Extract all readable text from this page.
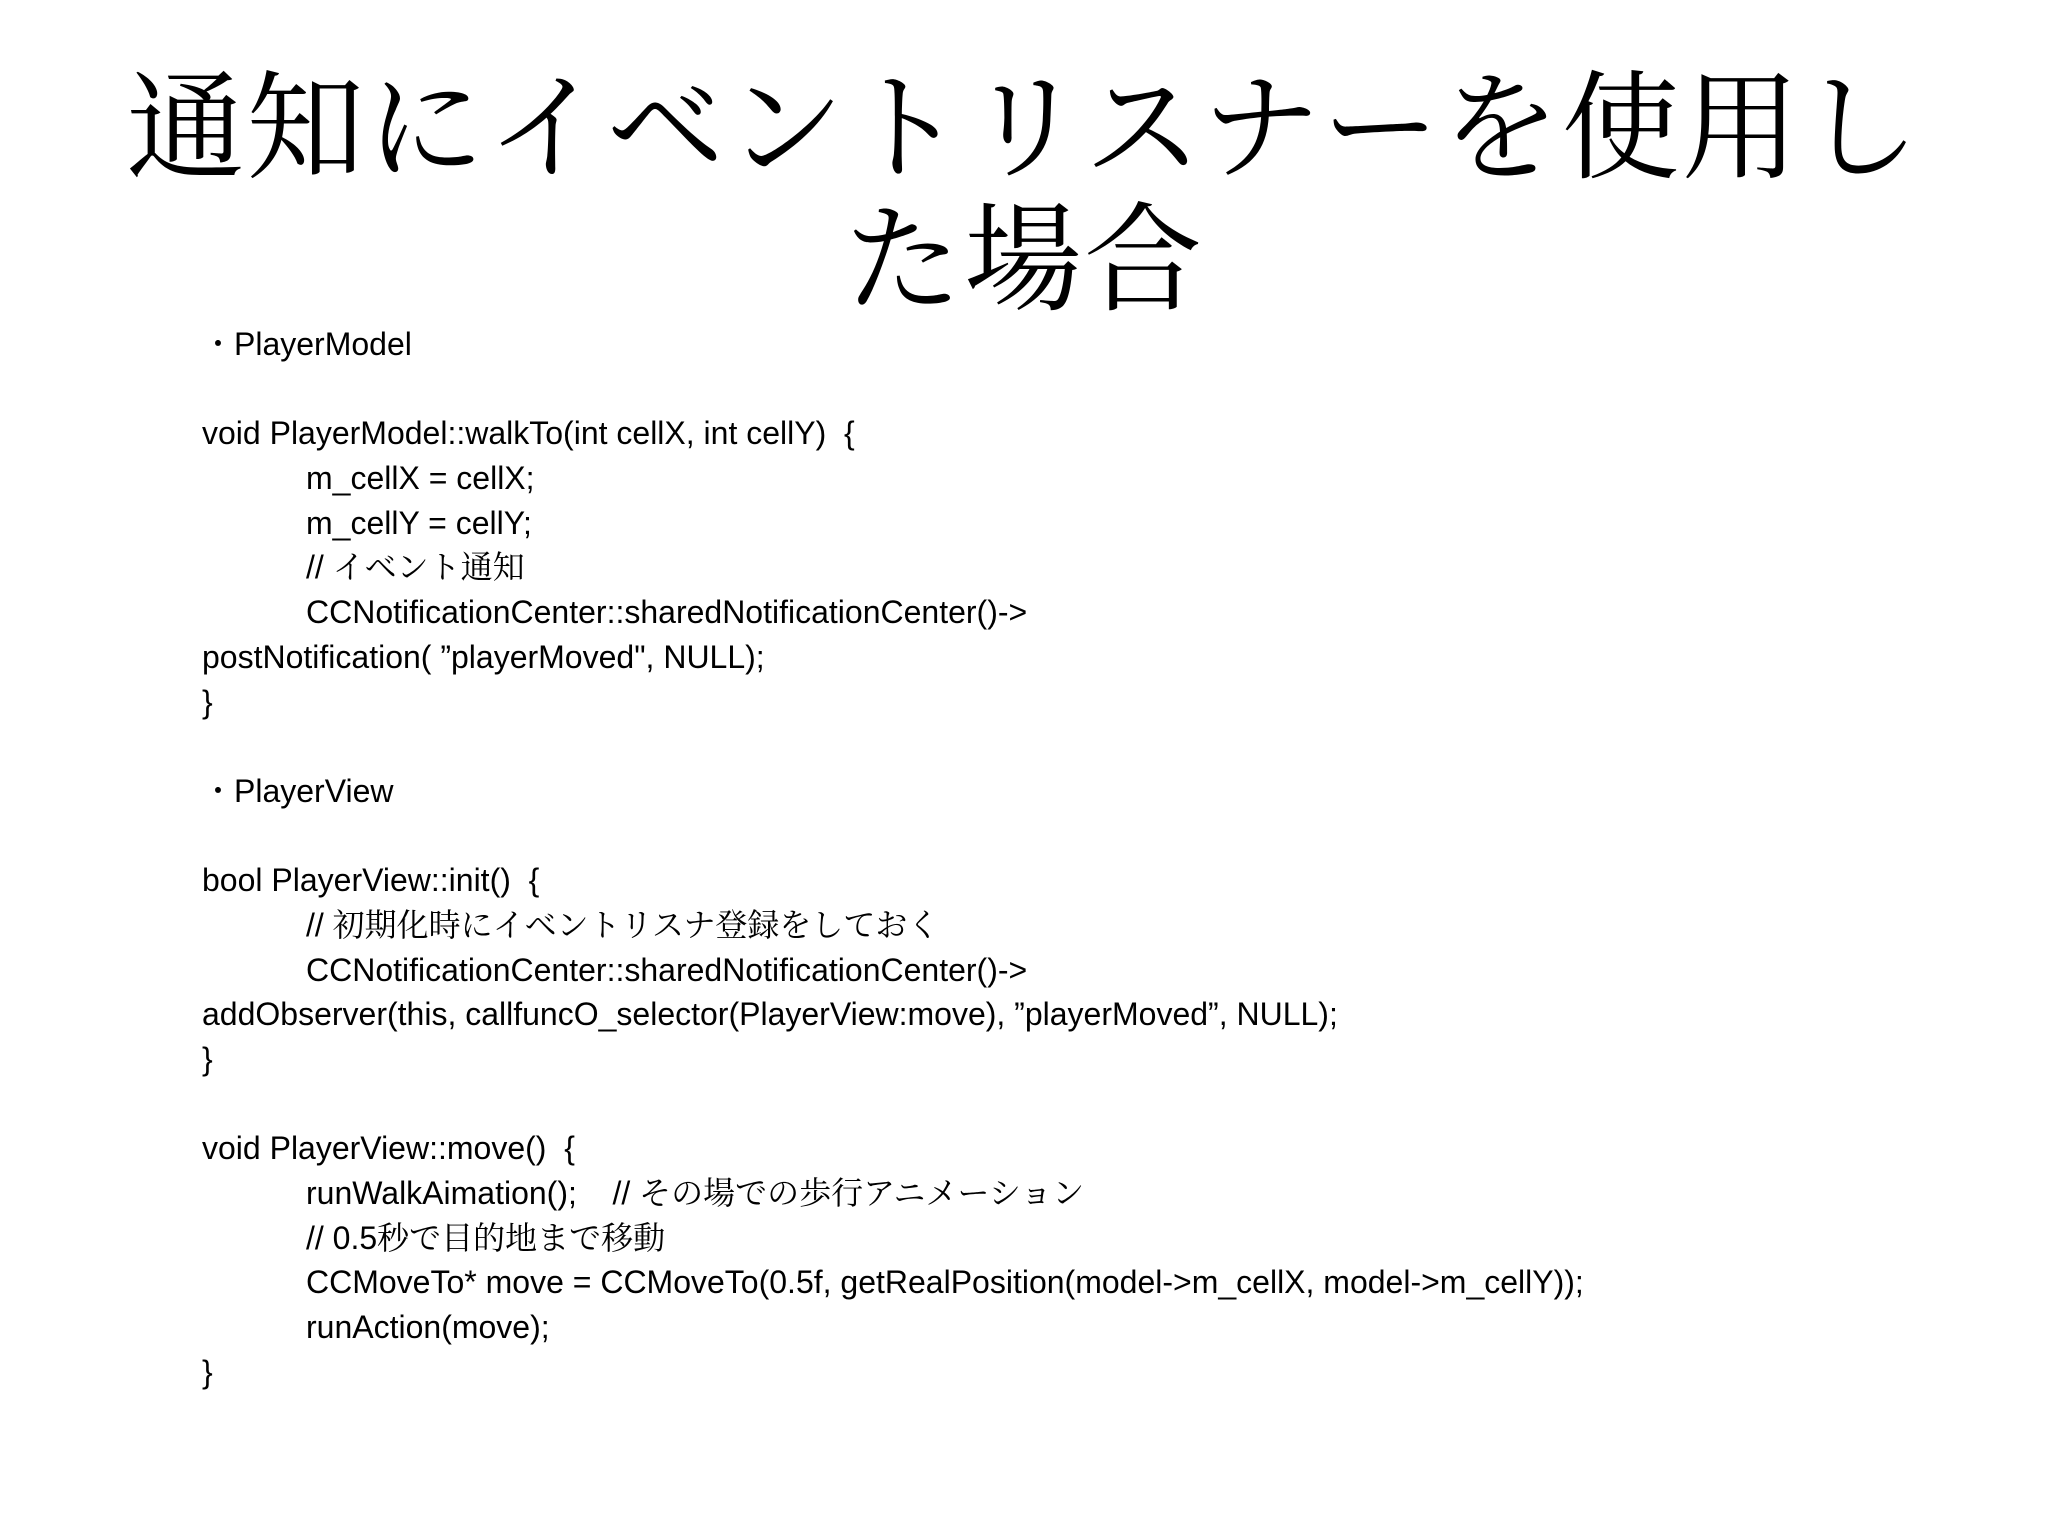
通知にイベントリスナーを使用し
た場合
・PlayerModel
void PlayerModel::walkTo(int cellX, int cellY)  {
m_cellX = cellX;
m_cellY = cellY;
// イベント通知
CCNotificationCenter::sharedNotificationCenter()->
postNotification( ”playerMoved", NULL);
}
・PlayerView
bool PlayerView::init()  {
// 初期化時にイベントリスナ登録をしておく
CCNotificationCenter::sharedNotificationCenter()->
addObserver(this, callfuncO_selector(PlayerView:move), ”playerMoved”, NULL);
}
void PlayerView::move()  {
runWalkAimation();    // その場での歩行アニメーション
// 0.5秒で目的地まで移動
CCMoveTo* move = CCMoveTo(0.5f, getRealPosition(model->m_cellX, model->m_cellY));
runAction(move);
}
